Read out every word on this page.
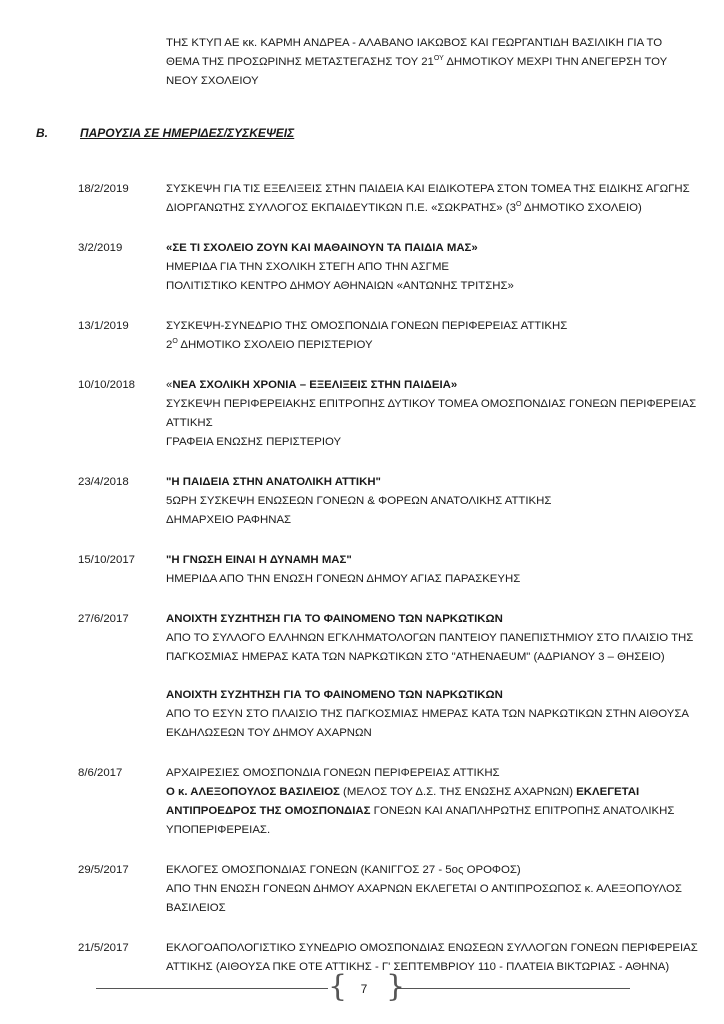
ΤΗΣ ΚΤΥΠ ΑΕ κκ. ΚΑΡΜΗ ΑΝΔΡΕΑ - ΑΛΑΒΑΝΟ ΙΑΚΩΒΟΣ ΚΑΙ ΓΕΩΡΓΑΝΤΙΔΗ ΒΑΣΙΛΙΚΗ ΓΙΑ ΤΟ
ΘΕΜΑ ΤΗΣ ΠΡΟΣΩΡΙΝΗΣ ΜΕΤΑΣΤΕΓΑΣΗΣ ΤΟΥ $21^{O\Upsilon}$ ΔΗΜΟΤΙΚΟΥ ΜΕΧΡΙ ΤΗΝ ΑΝΕΓΕΡΣΗ ΤΟΥ
ΝΕΟΥ ΣΧΟΛΕΙΟΥ
Β.	ΠΑΡΟΥΣΙΑ ΣΕ ΗΜΕΡΙΔΕΣ/ΣΥΣΚΕΨΕΙΣ
18/2/2019	ΣΥΣΚΕΨΗ ΓΙΑ ΤΙΣ ΕΞΕΛΙΞΕΙΣ ΣΤΗΝ ΠΑΙΔΕΙΑ ΚΑΙ ΕΙΔΙΚΟΤΕΡΑ ΣΤΟΝ ΤΟΜΕΑ ΤΗΣ ΕΙΔΙΚΗΣ ΑΓΩΓΗΣ

ΔΙΟΡΓΑΝΩΤΗΣ ΣΥΛΛΟΓΟΣ ΕΚΠΑΙΔΕΥΤΙΚΩΝ Π.Ε. «ΣΩΚΡΑΤΗΣ» ($3^O$ ΔΗΜΟΤΙΚΟ ΣΧΟΛΕΙΟ)

3/2/2019	«ΣΕ ΤΙ ΣΧΟΛΕΙΟ ΖΟΥΝ ΚΑΙ ΜΑΘΑΙΝΟΥΝ ΤΑ ΠΑΙΔΙΑ ΜΑΣ»

ΗΜΕΡΙΔΑ ΓΙΑ ΤΗΝ ΣΧΟΛΙΚΗ ΣΤΕΓΗ ΑΠΟ ΤΗΝ ΑΣΓΜΕ

ΠΟΛΙΤΙΣΤΙΚΟ ΚΕΝΤΡΟ ΔΗΜΟΥ ΑΘΗΝΑΙΩΝ «ΑΝΤΩΝΗΣ ΤΡΙΤΣΗΣ»

13/1/2019	ΣΥΣΚΕΨΗ-ΣΥΝΕΔΡΙΟ ΤΗΣ ΟΜΟΣΠΟΝΔΙΑ ΓΟΝΕΩΝ ΠΕΡΙΦΕΡΕΙΑΣ ΑΤΤΙΚΗΣ

$2^O$ ΔΗΜΟΤΙΚΟ ΣΧΟΛΕΙΟ ΠΕΡΙΣΤΕΡΙΟΥ

10/10/2018	«ΝΕΑ ΣΧΟΛΙΚΗ ΧΡΟΝΙΑ – ΕΞΕΛΙΞΕΙΣ ΣΤΗΝ ΠΑΙΔΕΙΑ»

ΣΥΣΚΕΨΗ ΠΕΡΙΦΕΡΕΙΑΚΗΣ ΕΠΙΤΡΟΠΗΣ ΔΥΤΙΚΟΥ ΤΟΜΕΑ ΟΜΟΣΠΟΝΔΙΑΣ ΓΟΝΕΩΝ ΠΕΡΙΦΕΡΕΙΑΣ

ΑΤΤΙΚΗΣ

ΓΡΑΦΕΙΑ ΕΝΩΣΗΣ ΠΕΡΙΣΤΕΡΙΟΥ

23/4/2018	"Η ΠΑΙΔΕΙΑ ΣΤΗΝ ΑΝΑΤΟΛΙΚΗ ΑΤΤΙΚΗ"

5ΩΡΗ ΣΥΣΚΕΨΗ ΕΝΩΣΕΩΝ ΓΟΝΕΩΝ & ΦΟΡΕΩΝ ΑΝΑΤΟΛΙΚΗΣ ΑΤΤΙΚΗΣ

ΔΗΜΑΡΧΕΙΟ ΡΑΦΗΝΑΣ

15/10/2017	"Η ΓΝΩΣΗ ΕΙΝΑΙ Η ΔΥΝΑΜΗ ΜΑΣ"

ΗΜΕΡΙΔΑ ΑΠΟ ΤΗΝ ΕΝΩΣΗ ΓΟΝΕΩΝ ΔΗΜΟΥ ΑΓΙΑΣ ΠΑΡΑΣΚΕΥΗΣ

27/6/2017	ΑΝΟΙΧΤΗ ΣΥΖΗΤΗΣΗ ΓΙΑ ΤΟ ΦΑΙΝΟΜΕΝΟ ΤΩΝ ΝΑΡΚΩΤΙΚΩΝ

ΑΠΟ ΤΟ ΣΥΛΛΟΓΟ ΕΛΛΗΝΩΝ ΕΓΚΛΗΜΑΤΟΛΟΓΩΝ ΠΑΝΤΕΙΟΥ ΠΑΝΕΠΙΣΤΗΜΙΟΥ ΣΤΟ ΠΛΑΙΣΙΟ ΤΗΣ

ΠΑΓΚΟΣΜΙΑΣ ΗΜΕΡΑΣ ΚΑΤΑ ΤΩΝ ΝΑΡΚΩΤΙΚΩΝ ΣΤΟ "ATHENAEUM" (ΑΔΡΙΑΝΟΥ 3 – ΘΗΣΕΙΟ)

ΑΝΟΙΧΤΗ ΣΥΖΗΤΗΣΗ ΓΙΑ ΤΟ ΦΑΙΝΟΜΕΝΟ ΤΩΝ ΝΑΡΚΩΤΙΚΩΝ

ΑΠΟ ΤΟ ΕΣΥΝ ΣΤΟ ΠΛΑΙΣΙΟ ΤΗΣ ΠΑΓΚΟΣΜΙΑΣ ΗΜΕΡΑΣ ΚΑΤΑ ΤΩΝ ΝΑΡΚΩΤΙΚΩΝ ΣΤΗΝ ΑΙΘΟΥΣΑ

ΕΚΔΗΛΩΣΕΩΝ ΤΟΥ ΔΗΜΟΥ ΑΧΑΡΝΩΝ

8/6/2017	ΑΡΧΑΙΡΕΣΙΕΣ ΟΜΟΣΠΟΝΔΙΑ ΓΟΝΕΩΝ ΠΕΡΙΦΕΡΕΙΑΣ ΑΤΤΙΚΗΣ

Ο κ. ΑΛΕΞΟΠΟΥΛΟΣ ΒΑΣΙΛΕΙΟΣ (ΜΕΛΟΣ ΤΟΥ Δ.Σ. ΤΗΣ ΕΝΩΣΗΣ ΑΧΑΡΝΩΝ) ΕΚΛΕΓΕΤΑΙ

ΑΝΤΙΠΡΟΕΔΡΟΣ ΤΗΣ ΟΜΟΣΠΟΝΔΙΑΣ ΓΟΝΕΩΝ ΚΑΙ ΑΝΑΠΛΗΡΩΤΗΣ ΕΠΙΤΡΟΠΗΣ ΑΝΑΤΟΛΙΚΗΣ

ΥΠΟΠΕΡΙΦΕΡΕΙΑΣ.

29/5/2017	ΕΚΛΟΓΕΣ ΟΜΟΣΠΟΝΔΙΑΣ ΓΟΝΕΩΝ (ΚΑΝΙΓΓΟΣ 27 - 5ος ΟΡΟΦΟΣ)

ΑΠΟ ΤΗΝ ΕΝΩΣΗ ΓΟΝΕΩΝ ΔΗΜΟΥ ΑΧΑΡΝΩΝ ΕΚΛΕΓΕΤΑΙ Ο ΑΝΤΙΠΡΟΣΩΠΟΣ κ. ΑΛΕΞΟΠΟΥΛΟΣ

ΒΑΣΙΛΕΙΟΣ

21/5/2017	ΕΚΛΟΓΟΑΠΟΛΟΓΙΣΤΙΚΟ ΣΥΝΕΔΡΙΟ ΟΜΟΣΠΟΝΔΙΑΣ ΕΝΩΣΕΩΝ ΣΥΛΛΟΓΩΝ ΓΟΝΕΩΝ ΠΕΡΙΦΕΡΕΙΑΣ

ΑΤΤΙΚΗΣ (ΑΙΘΟΥΣΑ ΠΚΕ ΟΤΕ ΑΤΤΙΚΗΣ - Γ' ΣΕΠΤΕΜΒΡΙΟΥ 110 - ΠΛΑΤΕΙΑ ΒΙΚΤΩΡΙΑΣ - ΑΘΗΝΑ)

{	7 }
